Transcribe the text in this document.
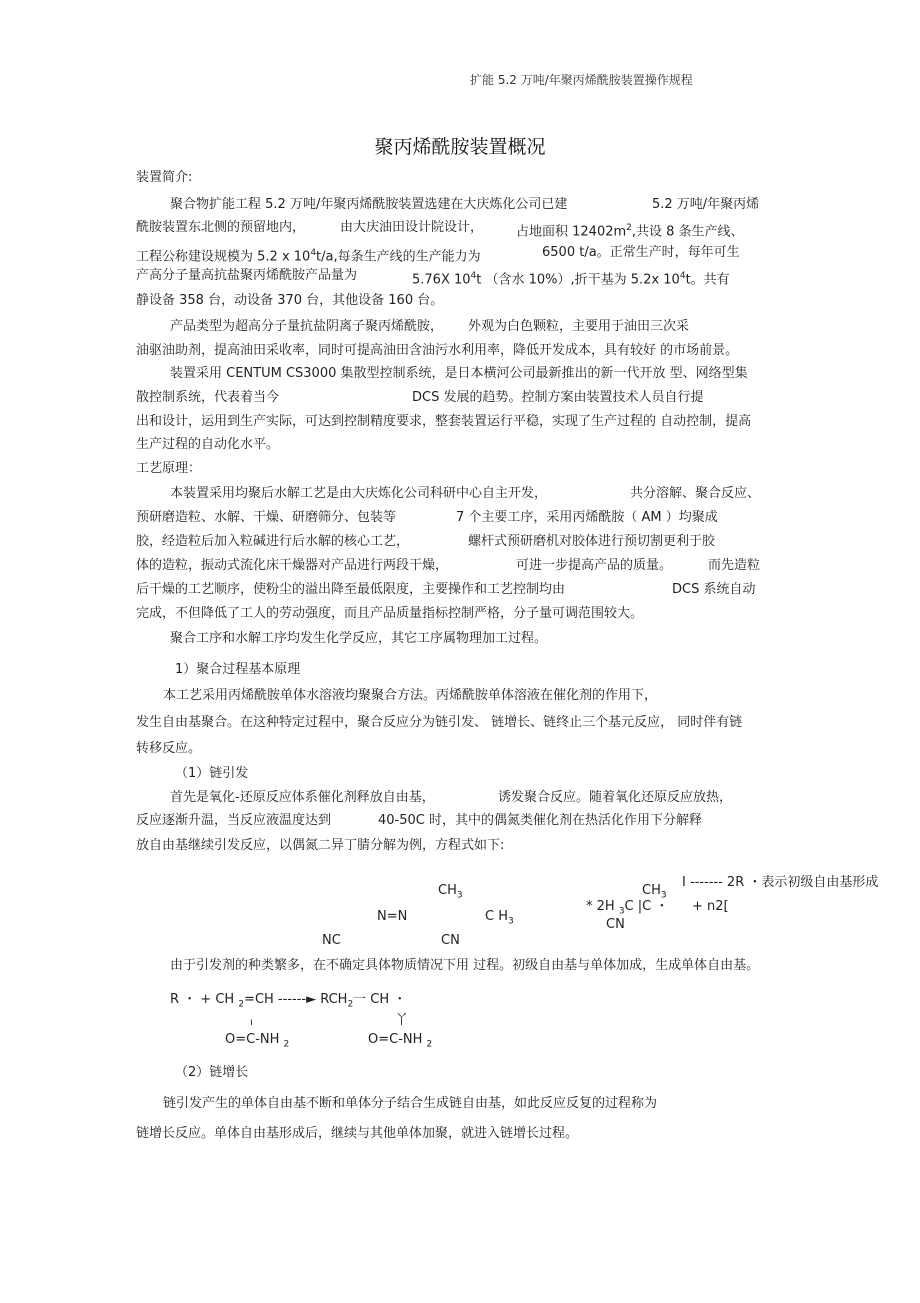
扩能 5.2 万吨/年聚丙烯酰胺装置操作规程
聚丙烯酰胺装置概况
装置简介:
聚合物扩能工程 5.2 万吨/年聚丙烯酰胺装置选建在大庆炼化公司已建	5.2 万吨/年聚丙烯
酰胺装置东北侧的预留地内，	由大庆油田设计院设计，	占地面积 $12402m^2$,共设 8 条生产线、
工程公称建设规模为 5.2 x $10^4t/a$,每条生产线的生产能力为	6500 t/a。正常生产时，每年可生
产高分子量高抗盐聚丙烯酰胺产品量为	5.76X $10^4t$ （含水 10%）,折干基为 5.2x $10^4t$。共有
静设备 358 台，动设备 370 台，其他设备 160 台。
产品类型为超高分子量抗盐阴离子聚丙烯酰胺， 外观为白色颗粒，主要用于油田三次采
油驱油助剂，提高油田采收率，同时可提高油田含油污水利用率，降低开发成本，具有较好 的市场前景。
装置采用 CENTUM CS3000 集散型控制系统，是日本横河公司最新推出的新一代开放 型、网络型集
散控制系统，代表着当今	DCS 发展的趋势。控制方案由装置技术人员自行提
出和设计，运用到生产实际，可达到控制精度要求，整套装置运行平稳，实现了生产过程的 自动控制，提高
生产过程的自动化水平。
工艺原理：
本装置采用均聚后水解工艺是由大庆炼化公司科研中心自主开发，	共分溶解、聚合反应、
预研磨造粒、水解、干燥、研磨筛分、包装等	7 个主要工序，采用丙烯酰胺（ AM ）均聚成
胶，经造粒后加入粒碱进行后水解的核心工艺，	螺杆式预研磨机对胶体进行预切割更利于胶
体的造粒，振动式流化床干燥器对产品进行两段干燥，	可进一步提高产品的质量。	而先造粒
后干燥的工艺顺序，使粉尘的溢出降至最低限度，主要操作和工艺控制均由	DCS 系统自动
完成，不但降低了工人的劳动强度，而且产品质量指标控制严格，分子量可调范围较大。
聚合工序和水解工序均发生化学反应，其它工序属物理加工过程。
1）聚合过程基本原理
本工艺采用丙烯酰胺单体水溶液均聚聚合方法。丙烯酰胺单体溶液在催化剂的作用下，
发生自由基聚合。在这种特定过程中，聚合反应分为链引发、 链增长、链终止三个基元反应， 同时伴有链
转移反应。
（1）链引发
首先是氧化-还原反应体系催化剂释放自由基，	诱发聚合反应。随着氧化还原反应放热，
反应逐渐升温，当反应液温度达到	40-50C 时，其中的偶氮类催化剂在热活化作用下分解释
放自由基继续引发反应，以偶氮二异丁腈分解为例，方程式如下:
I ------- 2R ・表示初级自由基形成
$CH_3$	$CH_3$
* 2H $_3$C |C ・ + n2[
N=N	C $H_3$	CN
NC	CN
由于引发剂的种类繁多，在不确定具体物质情况下用 过程。初级自由基与单体加成，生成单体自由基。
R ・ + CH $_2$=CH ------► $RCH_2$一 CH ・
ı	丫
O=C-NH $_2$	O=C-NH $_2$
（2）链增长
链引发产生的单体自由基不断和单体分子结合生成链自由基，如此反应反复的过程称为
链增长反应。单体自由基形成后，继续与其他单体加聚，就进入链增长过程。
